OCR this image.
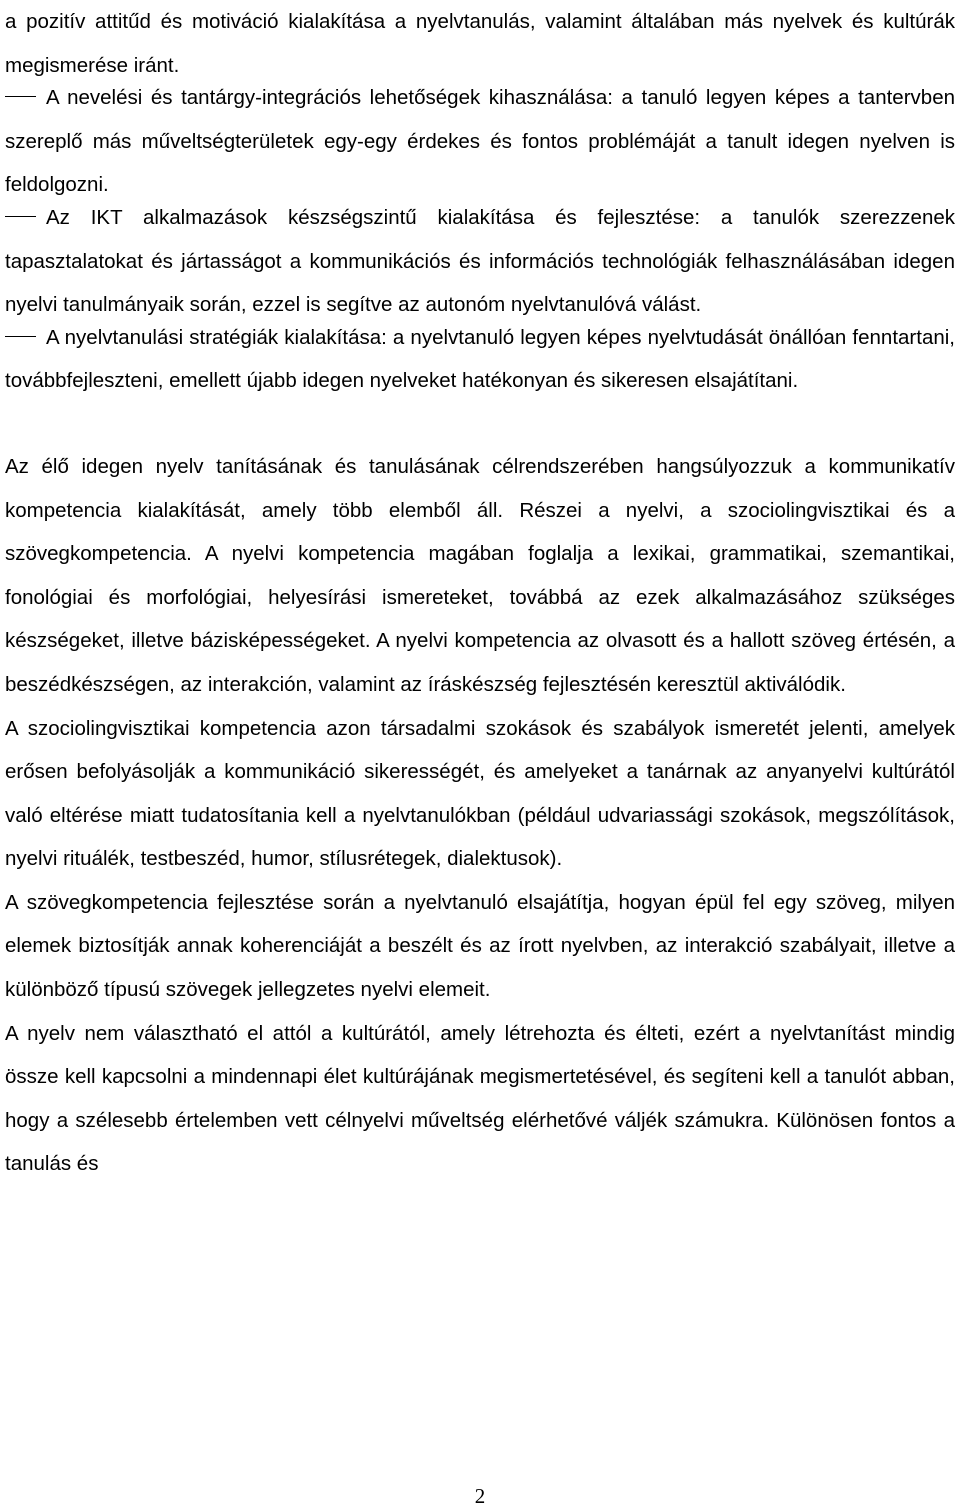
a pozitív attitűd és motiváció kialakítása a nyelvtanulás, valamint általában más nyelvek és kultúrák megismerése iránt.

A nevelési és tantárgy-integrációs lehetőségek kihasználása: a tanuló legyen képes a tantervben szereplő más műveltségterületek egy-egy érdekes és fontos problémáját a tanult idegen nyelven is feldolgozni.

Az IKT alkalmazások készségszintű kialakítása és fejlesztése: a tanulók szerezzenek tapasztalatokat és jártasságot a kommunikációs és információs technológiák felhasználásában idegen nyelvi tanulmányaik során, ezzel is segítve az autonóm nyelvtanulóvá válást.

A nyelvtanulási stratégiák kialakítása: a nyelvtanuló legyen képes nyelvtudását önállóan fenntartani, továbbfejleszteni, emellett újabb idegen nyelveket hatékonyan és sikeresen elsajátítani.

Az élő idegen nyelv tanításának és tanulásának célrendszerében hangsúlyozzuk a kommunikatív kompetencia kialakítását, amely több elemből áll. Részei a nyelvi, a szociolingvisztikai és a szövegkompetencia. A nyelvi kompetencia magában foglalja a lexikai, grammatikai, szemantikai, fonológiai és morfológiai, helyesírási ismereteket, továbbá az ezek alkalmazásához szükséges készségeket, illetve bázisképességeket. A nyelvi kompetencia az olvasott és a hallott szöveg értésén, a beszédkészségen, az interakción, valamint az íráskészség fejlesztésén keresztül aktiválódik.

A szociolingvisztikai kompetencia azon társadalmi szokások és szabályok ismeretét jelenti, amelyek erősen befolyásolják a kommunikáció sikerességét, és amelyeket a tanárnak az anyanyelvi kultúrától való eltérése miatt tudatosítania kell a nyelvtanulókban (például udvariassági szokások, megszólítások, nyelvi rituálék, testbeszéd, humor, stílusrétegek, dialektusok).

A szövegkompetencia fejlesztése során a nyelvtanuló elsajátítja, hogyan épül fel egy szöveg, milyen elemek biztosítják annak koherenciáját a beszélt és az írott nyelvben, az interakció szabályait, illetve a különböző típusú szövegek jellegzetes nyelvi elemeit.

A nyelv nem választható el attól a kultúrától, amely létrehozta és élteti, ezért a nyelvtanítást mindig össze kell kapcsolni a mindennapi élet kultúrájának megismertetésével, és segíteni kell a tanulót abban, hogy a szélesebb értelemben vett célnyelvi műveltség elérhetővé váljék számukra. Különösen fontos a tanulás és

2
